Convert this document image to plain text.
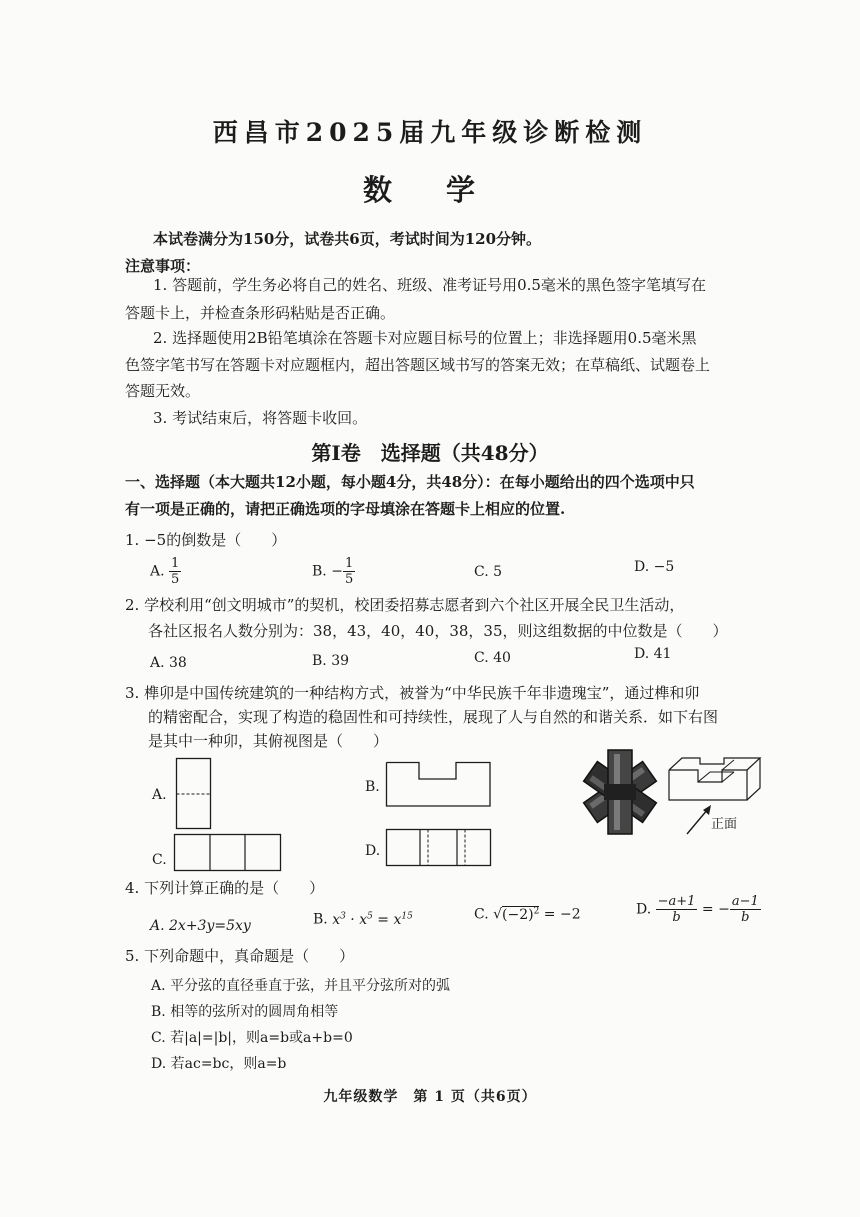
西昌市2025届九年级诊断检测
数 学
本试卷满分为150分，试卷共6页，考试时间为120分钟。
注意事项：
1. 答题前，学生务必将自己的姓名、班级、准考证号用0.5毫米的黑色签字笔填写在
答题卡上，并检查条形码粘贴是否正确。
2. 选择题使用2B铅笔填涂在答题卡对应题目标号的位置上；非选择题用0.5毫米黑
色签字笔书写在答题卡对应题框内，超出答题区域书写的答案无效；在草稿纸、试题卷上
答题无效。
3. 考试结束后，将答题卡收回。
第Ⅰ卷　选择题（共48分）
一、选择题（本大题共12小题，每小题4分，共48分）：在每小题给出的四个选项中只
有一项是正确的，请把正确选项的字母填涂在答题卡上相应的位置.
1. −5的倒数是（　　）
A. $\frac{1}{5}$	B. − $\frac{1}{5}$	C. 5	D. −5
2. 学校利用“创文明城市”的契机，校团委招募志愿者到六个社区开展全民卫生活动，
各社区报名人数分别为：38，43，40，40，38，35，则这组数据的中位数是（　　）
A. 38	B. 39	C. 40	D. 41
3. 榫卯是中国传统建筑的一种结构方式，被誉为“中华民族千年非遗瑰宝”，通过榫和卯
的精密配合，实现了构造的稳固性和可持续性，展现了人与自然的和谐关系．如下右图
是其中一种卯，其俯视图是（　　）
A.	B.
C.
D.
正面
4. 下列计算正确的是（　　）
A. 2x+3y=5xy	B. $x^3 \cdot x^5 = x^{15}$	C. $√(-2)^2 = -2$	D. $\frac{-a+1}{b}$ = − $\frac{a-1}{b}$
5. 下列命题中，真命题是（　　）
A. 平分弦的直径垂直于弦，并且平分弦所对的弧
B. 相等的弦所对的圆周角相等
C. 若|a|=|b|，则a=b或a+b=0
D. 若ac=bc，则a=b
九年级数学　第 1 页（共6页）
